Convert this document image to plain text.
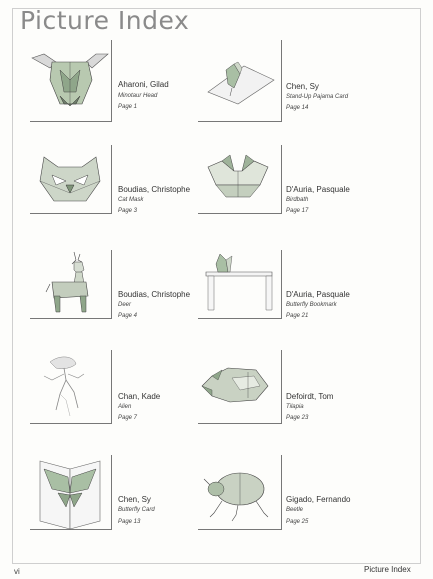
Picture Index
Aharoni, Gilad
Minotaur Head
Page 1
Chen, Sy
Stand-Up Pajama Card
Page 14
Boudias, Christophe
Cat Mask
Page 3
D'Auria, Pasquale
Birdbath
Page 17
Boudias, Christophe
Deer
Page 4
D'Auria, Pasquale
Butterfly Bookmark
Page 21
Chan, Kade
Alien
Page 7
Defoirdt, Tom
Tilapia
Page 23
Chen, Sy
Butterfly Card
Page 13
Gigado, Fernando
Beetle
Page 25
vi	Picture Index
